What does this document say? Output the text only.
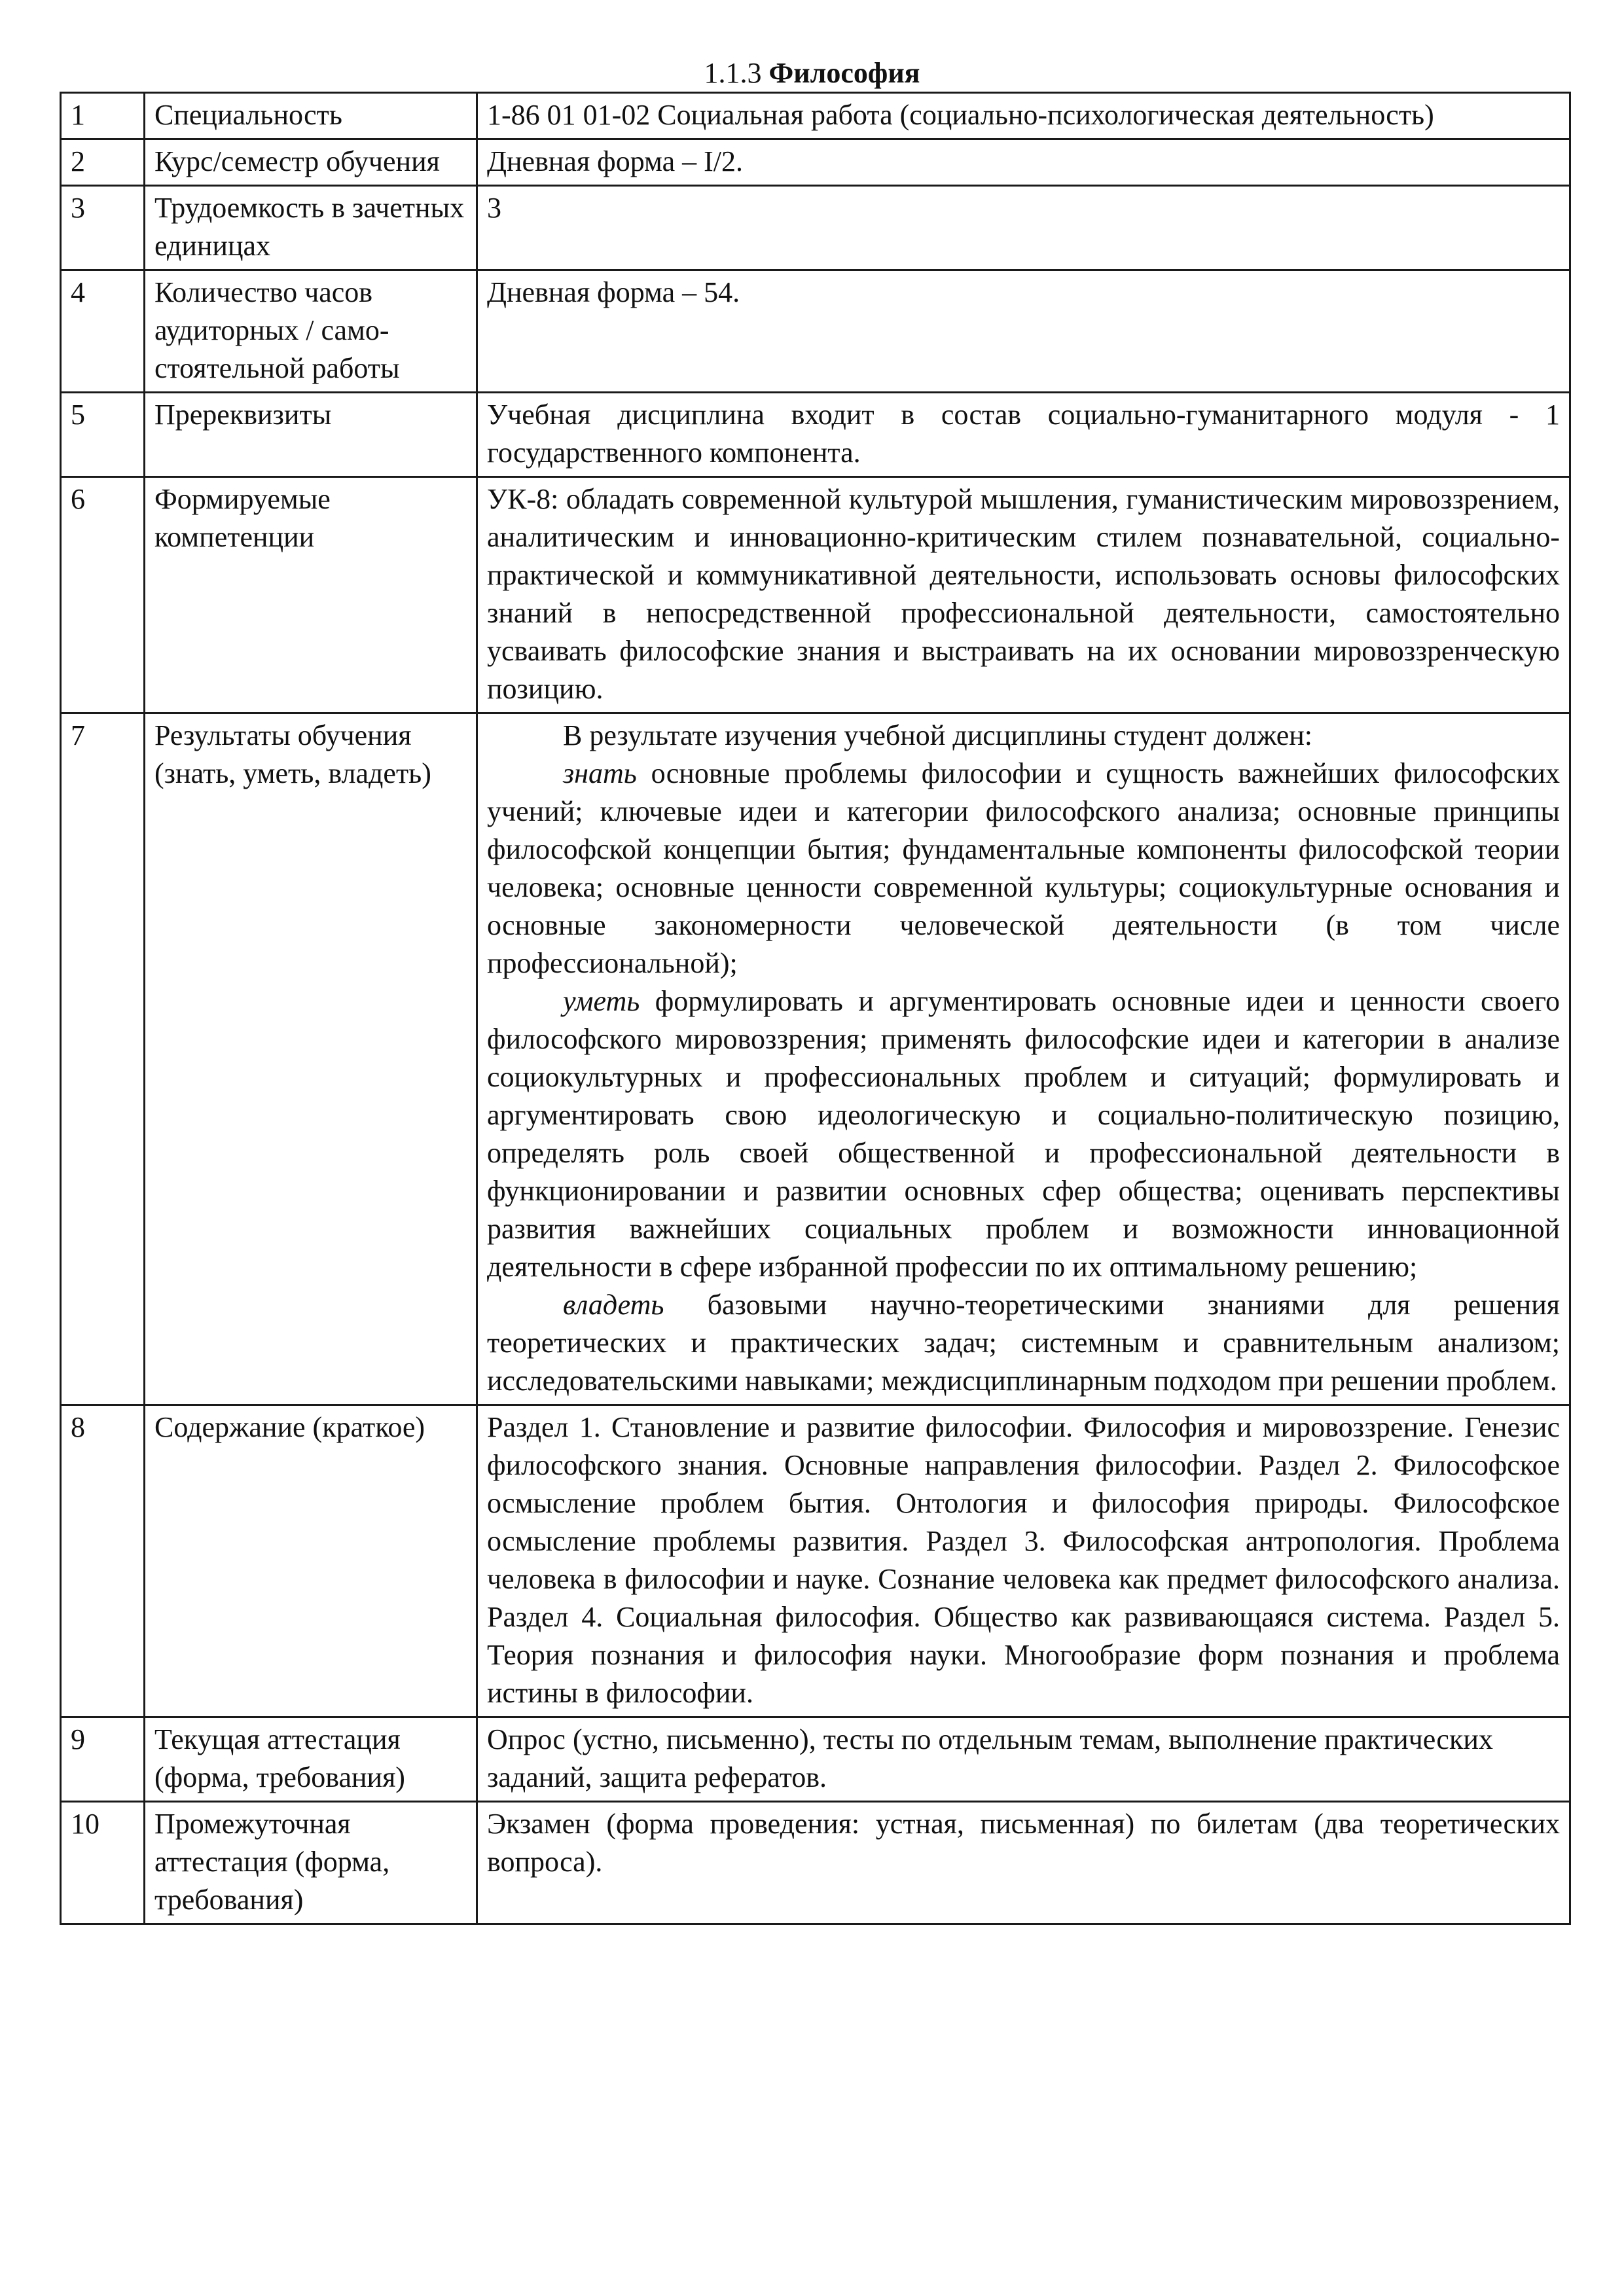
1.1.3 Философия
1	Специальность	1-86 01 01-02 Социальная работа (социально-психологическая деятельность)
2	Курс/семестр обучения	Дневная форма – I/2.
3	Трудоемкость в зачетных единицах	3
4	Количество часов аудиторных / само-стоятельной работы	Дневная форма – 54.
5	Пререквизиты	Учебная дисциплина входит в состав социально-гуманитарного модуля - 1 государственного компонента.
6	Формируемые компетенции	УК-8: обладать современной культурой мышления, гуманистическим мировоззрением, аналитическим и инновационно-критическим стилем познавательной, социально-практической и коммуникативной деятельности, использовать основы философских знаний в непосредственной профессиональной деятельности, самостоятельно усваивать философские знания и выстраивать на их основании мировоззренческую позицию.
7	Результаты обучения (знать, уметь, владеть)	В результате изучения учебной дисциплины студент должен:

знать основные проблемы философии и сущность важнейших философских учений; ключевые идеи и категории философского анализа; основные принципы философской концепции бытия; фундаментальные компоненты философской теории человека; основные ценности современной культуры; социокультурные основания и основные закономерности человеческой деятельности (в том числе профессиональной);

уметь формулировать и аргументировать основные идеи и ценности своего философского мировоззрения; применять философские идеи и категории в анализе социокультурных и профессиональных проблем и ситуаций; формулировать и аргументировать свою идеологическую и социально-политическую позицию, определять роль своей общественной и профессиональной деятельности в функционировании и развитии основных сфер общества; оценивать перспективы развития важнейших социальных проблем и возможности инновационной деятельности в сфере избранной профессии по их оптимальному решению;

владеть базовыми научно-теоретическими знаниями для решения теоретических и практических задач; системным и сравнительным анализом; исследовательскими навыками; междисциплинарным подходом при решении проблем.

8	Содержание (краткое)	Раздел 1. Становление и развитие философии. Философия и мировоззрение. Генезис философского знания. Основные направления философии. Раздел 2. Философское осмысление проблем бытия. Онтология и философия природы. Философское осмысление проблемы развития. Раздел 3. Философская антропология. Проблема человека в философии и науке. Сознание человека как предмет философского анализа. Раздел 4. Социальная философия. Общество как развивающаяся система. Раздел 5. Теория познания и философия науки. Многообразие форм познания и проблема истины в философии.
9	Текущая аттестация (форма, требования)	Опрос (устно, письменно), тесты по отдельным темам, выполнение практических заданий, защита рефератов.
10	Промежуточная аттестация (форма, требования)	Экзамен (форма проведения: устная, письменная) по билетам (два теоретических вопроса).
